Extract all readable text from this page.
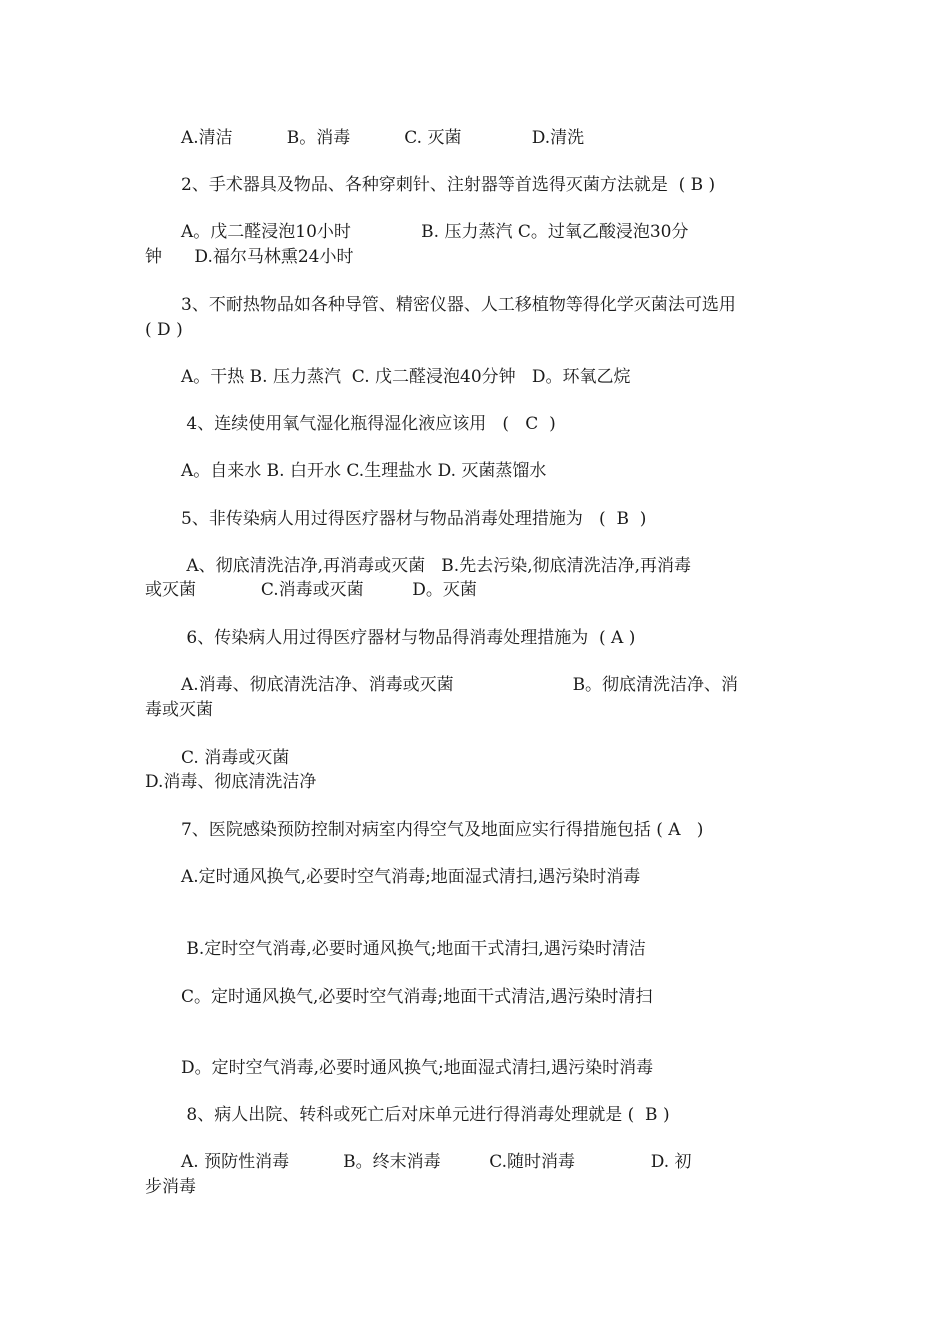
A.清洁          B。消毒          C. 灭菌             D.清洗
2、手术器具及物品、各种穿刺针、注射器等首选得灭菌方法就是  ( B )
A。戊二醛浸泡10小时             B. 压力蒸汽 C。过氧乙酸浸泡30分
钟      D.福尔马林熏24小时
3、不耐热物品如各种导管、精密仪器、人工移植物等得化学灭菌法可选用
( D )
A。干热 B. 压力蒸汽  C. 戊二醛浸泡40分钟   D。环氧乙烷
4、连续使用氧气湿化瓶得湿化液应该用   (   C  )
A。自来水 B. 白开水 C.生理盐水 D. 灭菌蒸馏水
5、非传染病人用过得医疗器材与物品消毒处理措施为   (  B  )
A、彻底清洗洁净,再消毒或灭菌   B.先去污染,彻底清洗洁净,再消毒
或灭菌            C.消毒或灭菌         D。灭菌
6、传染病人用过得医疗器材与物品得消毒处理措施为  ( A )
A.消毒、彻底清洗洁净、消毒或灭菌                      B。彻底清洗洁净、消
毒或灭菌
C. 消毒或灭菌
D.消毒、彻底清洗洁净
7、医院感染预防控制对病室内得空气及地面应实行得措施包括 ( A   )
A.定时通风换气,必要时空气消毒;地面湿式清扫,遇污染时消毒
B.定时空气消毒,必要时通风换气;地面干式清扫,遇污染时清洁
C。定时通风换气,必要时空气消毒;地面干式清洁,遇污染时清扫
D。定时空气消毒,必要时通风换气;地面湿式清扫,遇污染时消毒
8、病人出院、转科或死亡后对床单元进行得消毒处理就是 (  B )
A. 预防性消毒          B。终末消毒         C.随时消毒              D. 初
步消毒
